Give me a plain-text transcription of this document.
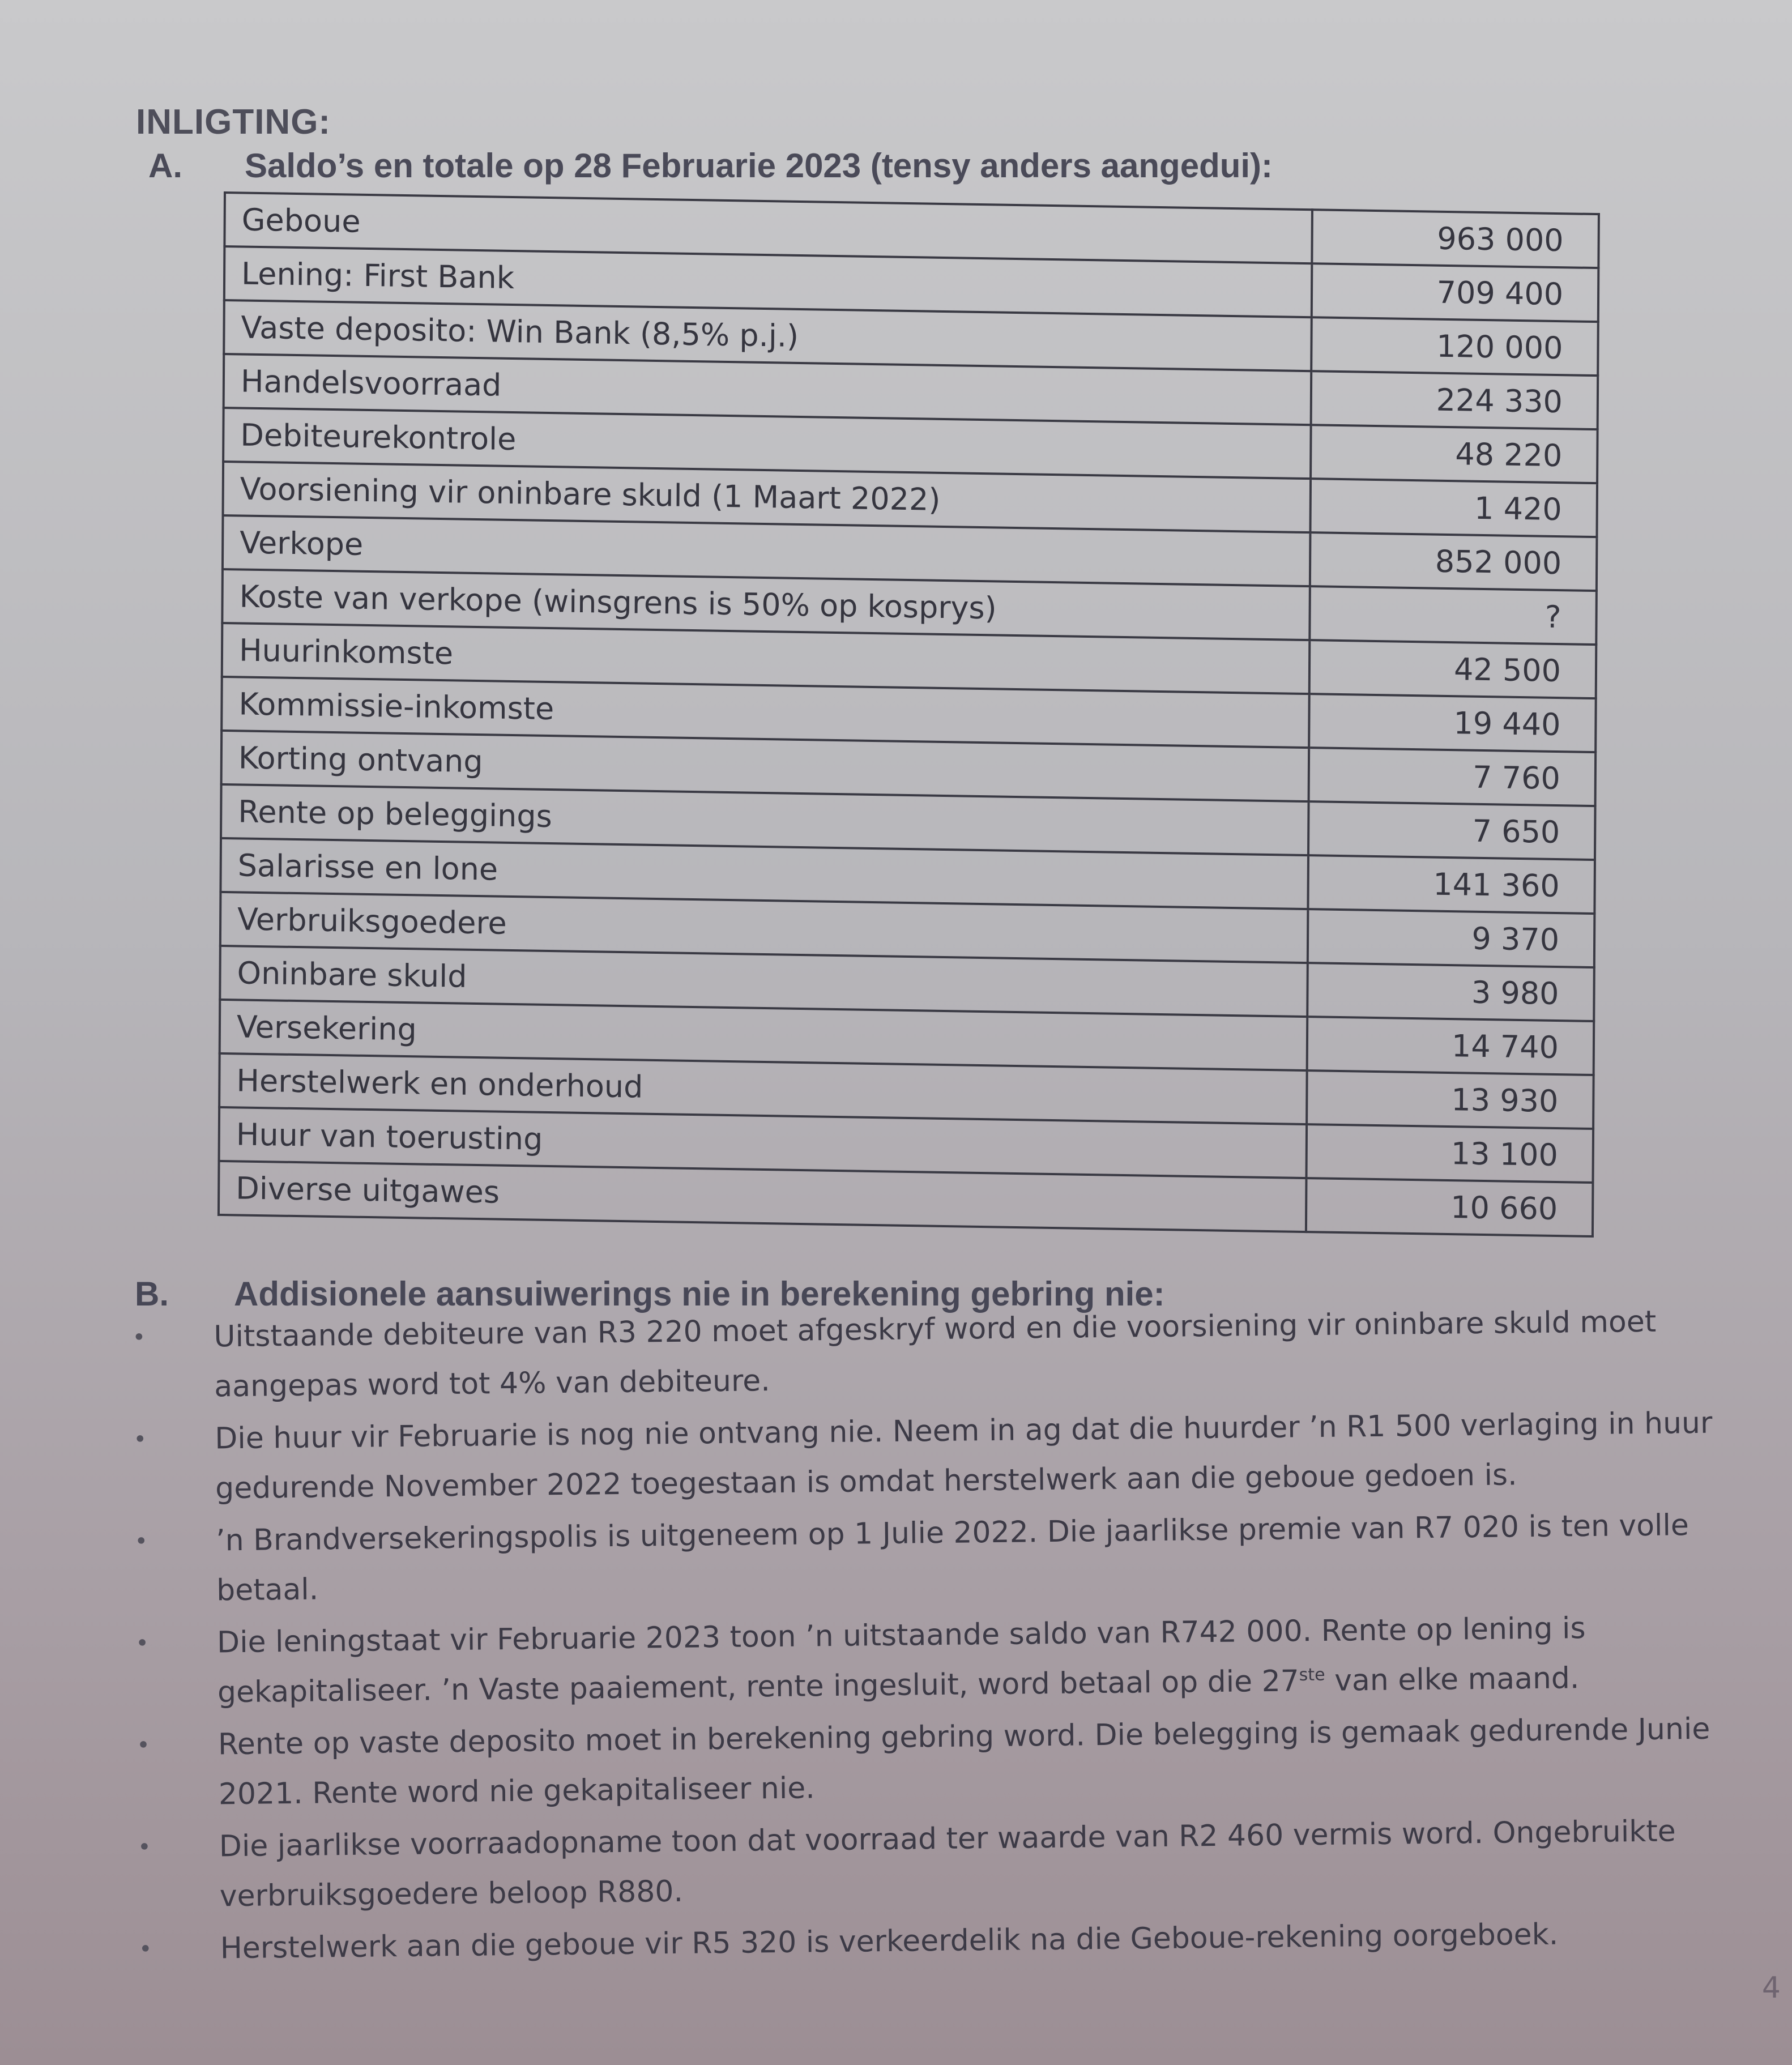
INLIGTING:
A. Saldo’s en totale op 28 Februarie 2023 (tensy anders aangedui):
Geboue	963 000
Lening: First Bank	709 400
Vaste deposito: Win Bank (8,5% p.j.)	120 000
Handelsvoorraad	224 330
Debiteurekontrole	48 220
Voorsiening vir oninbare skuld (1 Maart 2022)	1 420
Verkope	852 000
Koste van verkope (winsgrens is 50% op kosprys)	?
Huurinkomste	42 500
Kommissie-inkomste	19 440
Korting ontvang	7 760
Rente op beleggings	7 650
Salarisse en lone	141 360
Verbruiksgoedere	9 370
Oninbare skuld	3 980
Versekering	14 740
Herstelwerk en onderhoud	13 930
Huur van toerusting	13 100
Diverse uitgawes	10 660
B. Addisionele aansuiwerings nie in berekening gebring nie:
• Uitstaande debiteure van R3 220 moet afgeskryf word en die voorsiening vir oninbare skuld moet aangepas word tot 4% van debiteure.
• Die huur vir Februarie is nog nie ontvang nie. Neem in ag dat die huurder ’n R1 500 verlaging in huur gedurende November 2022 toegestaan is omdat herstelwerk aan die geboue gedoen is.
• ’n Brandversekeringspolis is uitgeneem op 1 Julie 2022. Die jaarlikse premie van R7 020 is ten volle betaal.
• Die leningstaat vir Februarie 2023 toon ’n uitstaande saldo van R742 000. Rente op lening is gekapitaliseer. ’n Vaste paaiement, rente ingesluit, word betaal op die 27ste van elke maand.
• Rente op vaste deposito moet in berekening gebring word. Die belegging is gemaak gedurende Junie 2021. Rente word nie gekapitaliseer nie.
• Die jaarlikse voorraadopname toon dat voorraad ter waarde van R2 460 vermis word. Ongebruikte verbruiksgoedere beloop R880.
• Herstelwerk aan die geboue vir R5 320 is verkeerdelik na die Geboue-rekening oorgeboek.
4
